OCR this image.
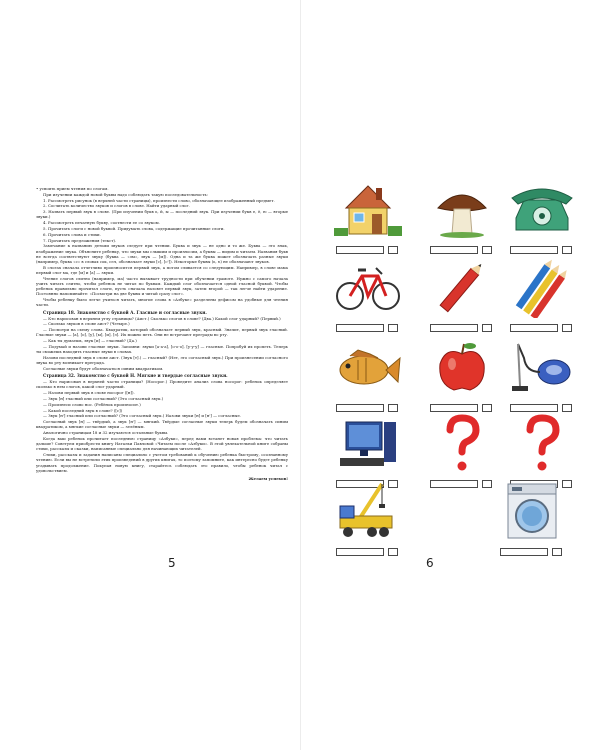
• усвоить прием чтения по слогам.

При изучении каждой новой буквы надо соблюдать такую последовательность:

1. Рассмотреть рисунок (в верхней части страницы), произнести слово, обозначающее изображенный предмет.

2. Сосчитать количество звуков и слогов в слове. Найти ударный слог.

3. Назвать первый звук в слове. (При изучении букв ь, й, ы — последний звук. При изучении букв е, ё, ю — вторые звуки.)

4. Рассмотреть печатную букву, соотнести ее со звуком.

5. Прочитать слоги с новой буквой. Придумать слова, содержащие прочитанные слоги.

6. Прочитать слова и стихи.

7. Прочитать предложения (текст).

Замечание к названию детьми звуков следует при чтении. Буква и звук — не одно и то же. Буква — это знак, изображение звука. Объясните ребенку, что звуки мы слышим и произносим, а буквы — видим и читаем. Названия букв не всегда соответствуют звуку (буква — «эм», звук — [м]). Одна и та же буква может обозначать разные звуки (например, буква «с» в словах сок, сел, обозначает звуки [с], [с']). Некоторые буквы (ь, ъ) не обозначают звуков.

В слогах сначала отчетливо произносится первый звук, а потом сливается со следующим. Например, в слове мама первый слог ма, где [м] и [а] — звуки.

Чтение слогов слитно (например, ма) часто вызывает трудности при обучении грамоте. Нужно с самого начала учить читать слитно, чтобы ребенок не читал по буквам. Каждый слог обозначается одной гласной буквой. Чтобы ребенок правильно прочитал слоги, пусть сначала назовет первый звук, затем второй — так легче найти ударение. Постоянно напоминайте: «Посмотри на две буквы и читай сразу слог».

Чтобы ребенку было легче учиться читать, многие слова в «Азбуке» разделены дефисом на удобные для чтения части.

Страница 18. Знакомство с буквой А. Гласные и согласные звуки.

— Кто нарисован в верхнем углу страницы? (Аист.) Сколько слогов в слове? (Два.) Какой слог ударный? (Первый.)

— Сколько звуков в слове аист? (Четыре.)

— Посмотри на схему слова. Квадратик, который обозначает первый звук, красный. Значит, первый звук гласный. Гласные звуки — [а], [о], [у], [ы], [и], [э]. Их можно петь. Они не встречают преграды во рту.

— Как ты думаешь, звук [и] — гласный? (Да.)

— Подумай и назови гласные звуки. Запомни: звуки [а-а-а], [о-о-о], [у-у-у] — гласные. Попробуй их пропеть. Теперь ты сможешь находить гласные звуки в словах.

Назови последний звук в слове аист. (Звук [т].) — гласный? (Нет, это согласный звук.) При произнесении согласного звука во рту возникает преграда.

Согласные звуки будут обозначаться синим квадратиком.

Страница 32. Знакомство с буквой Н. Мягкие и твердые согласные звуки.

— Кто нарисован в верхней части страницы? (Носорог.) Проведите анализ слова носорог: ребенок определяет сколько в нем слогов, какой слог ударный.

— Назови первый звук в слове носорог ([н]).

— Звук [н] гласный или согласный? (Это согласный звук.)

— Произнеси слово нос. (Ребёнок произносит.)

— Какой последний звук в слове? ([с])

— Звук [н'] гласный или согласный? (Это согласный звук.) Назови звуки [н] и [н'] — согласные.

Согласный звук [н] — твёрдый, а звук [н'] — мягкий. Твёрдые согласные звуки теперь будем обозначать синим квадратиком, а мягкие согласные звуки — зелёным.

Аналогично страницам 18 и 32 изучаются остальные буквы.

Когда ваш ребенок прочитает последнюю страницу «Азбуки», перед вами встанет новая проблема: что читать дальше? Советуем приобрести книгу Натальи Павловой «Читаем после «Азбуки». В этой увлекательной книге собраны стихи, рассказы и сказки, написанные специально для начинающих читателей.

Стихи, рассказы и задания написаны специально с учетом требований к обучению ребенка быстрому, осознанному чтению. Если вы не встретили этих произведений в других книгах, то поэтому запомните, как интересно будет ребенку угадывать продолжение. Покупая новую книгу, старайтесь соблюдать это правило, чтобы ребенок читал с удовольствием.

Желаем успехов!

5	6
